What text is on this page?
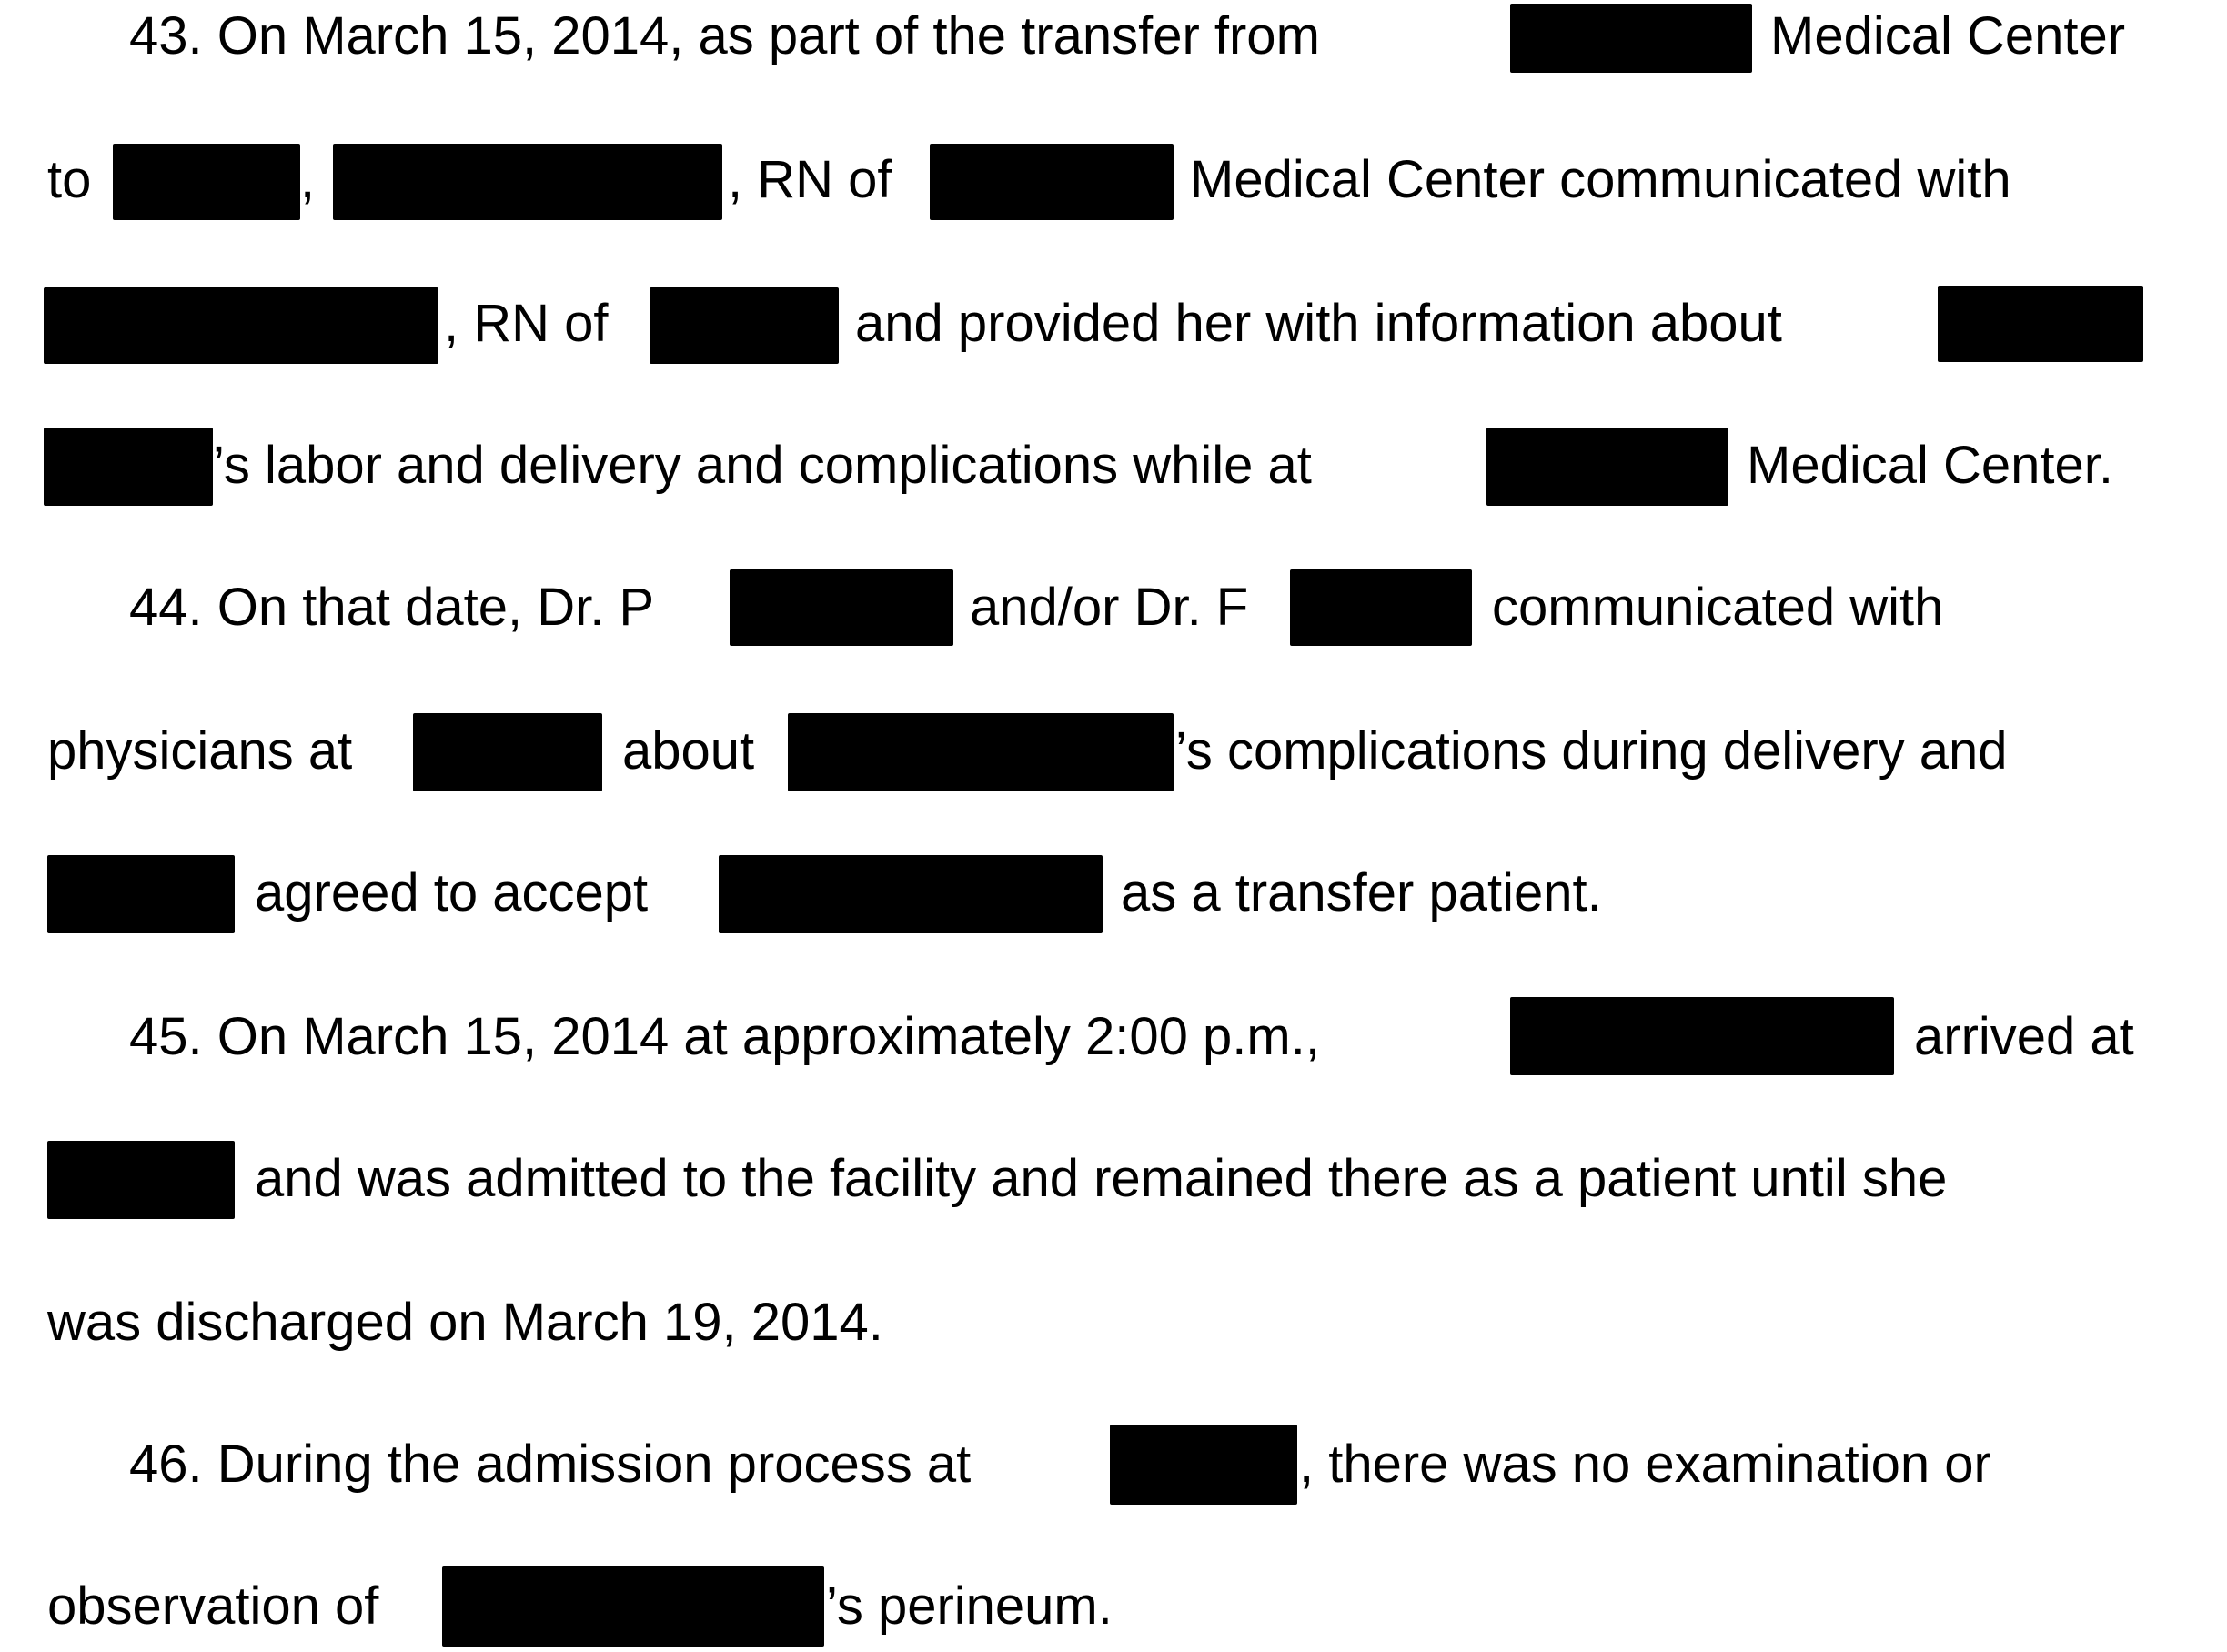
43. On March 15, 2014, as part of the transfer from	Medical Center
to	,	, RN of	Medical Center communicated with
, RN of	and provided her with information about
’s labor and delivery and complications while at	Medical Center.
44. On that date, Dr. P	and/or Dr. F	communicated with
physicians at	about	’s complications during delivery and
agreed to accept	as a transfer patient.
45. On March 15, 2014 at approximately 2:00 p.m.,	arrived at
and was admitted to the facility and remained there as a patient until she
was discharged on March 19, 2014.
46. During the admission process at	, there was no examination or
observation of	’s perineum.
